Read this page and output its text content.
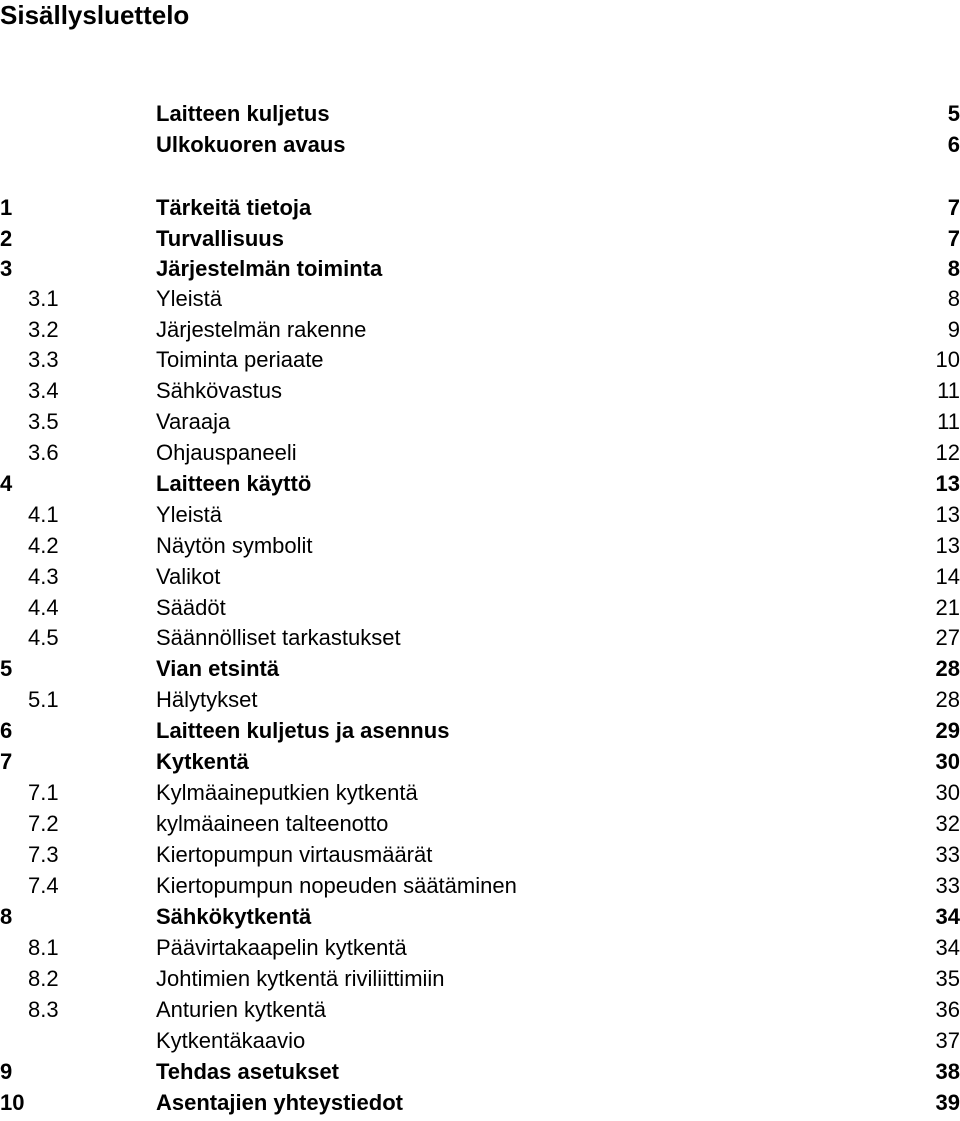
Sisällysluettelo
Laitteen kuljetus	5
Ulkokuoren avaus	6
1	Tärkeitä tietoja	7
2	Turvallisuus	7
3	Järjestelmän toiminta	8
3.1	Yleistä	8
3.2	Järjestelmän rakenne	9
3.3	Toiminta periaate	10
3.4	Sähkövastus	11
3.5	Varaaja	11
3.6	Ohjauspaneeli	12
4	Laitteen käyttö	13
4.1	Yleistä	13
4.2	Näytön symbolit	13
4.3	Valikot	14
4.4	Säädöt	21
4.5	Säännölliset tarkastukset	27
5	Vian etsintä	28
5.1	Hälytykset	28
6	Laitteen kuljetus ja asennus	29
7	Kytkentä	30
7.1	Kylmäaineputkien kytkentä	30
7.2	kylmäaineen talteenotto	32
7.3	Kiertopumpun virtausmäärät	33
7.4	Kiertopumpun nopeuden säätäminen	33
8	Sähkökytkentä	34
8.1	Päävirtakaapelin kytkentä	34
8.2	Johtimien kytkentä riviliittimiin	35
8.3	Anturien kytkentä	36
Kytkentäkaavio	37
9	Tehdas asetukset	38
10	Asentajien yhteystiedot	39
